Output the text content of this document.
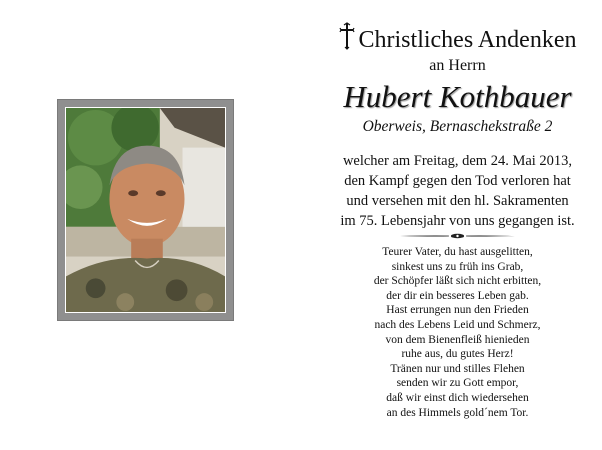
Christliches Andenken
an Herrn
Hubert Kothbauer
Oberweis, Bernaschekstraße 2
welcher am Freitag, dem 24. Mai 2013,
den Kampf gegen den Tod verloren hat
und versehen mit den hl. Sakramenten
im 75. Lebensjahr von uns gegangen ist.
Teurer Vater, du hast ausgelitten,
sinkest uns zu früh ins Grab,
der Schöpfer läßt sich nicht erbitten,
der dir ein besseres Leben gab.
Hast errungen nun den Frieden
nach des Lebens Leid und Schmerz,
von dem Bienenfleiß hienieden
ruhe aus, du gutes Herz!
Tränen nur und stilles Flehen
senden wir zu Gott empor,
daß wir einst dich wiedersehen
an des Himmels gold´nem Tor.
